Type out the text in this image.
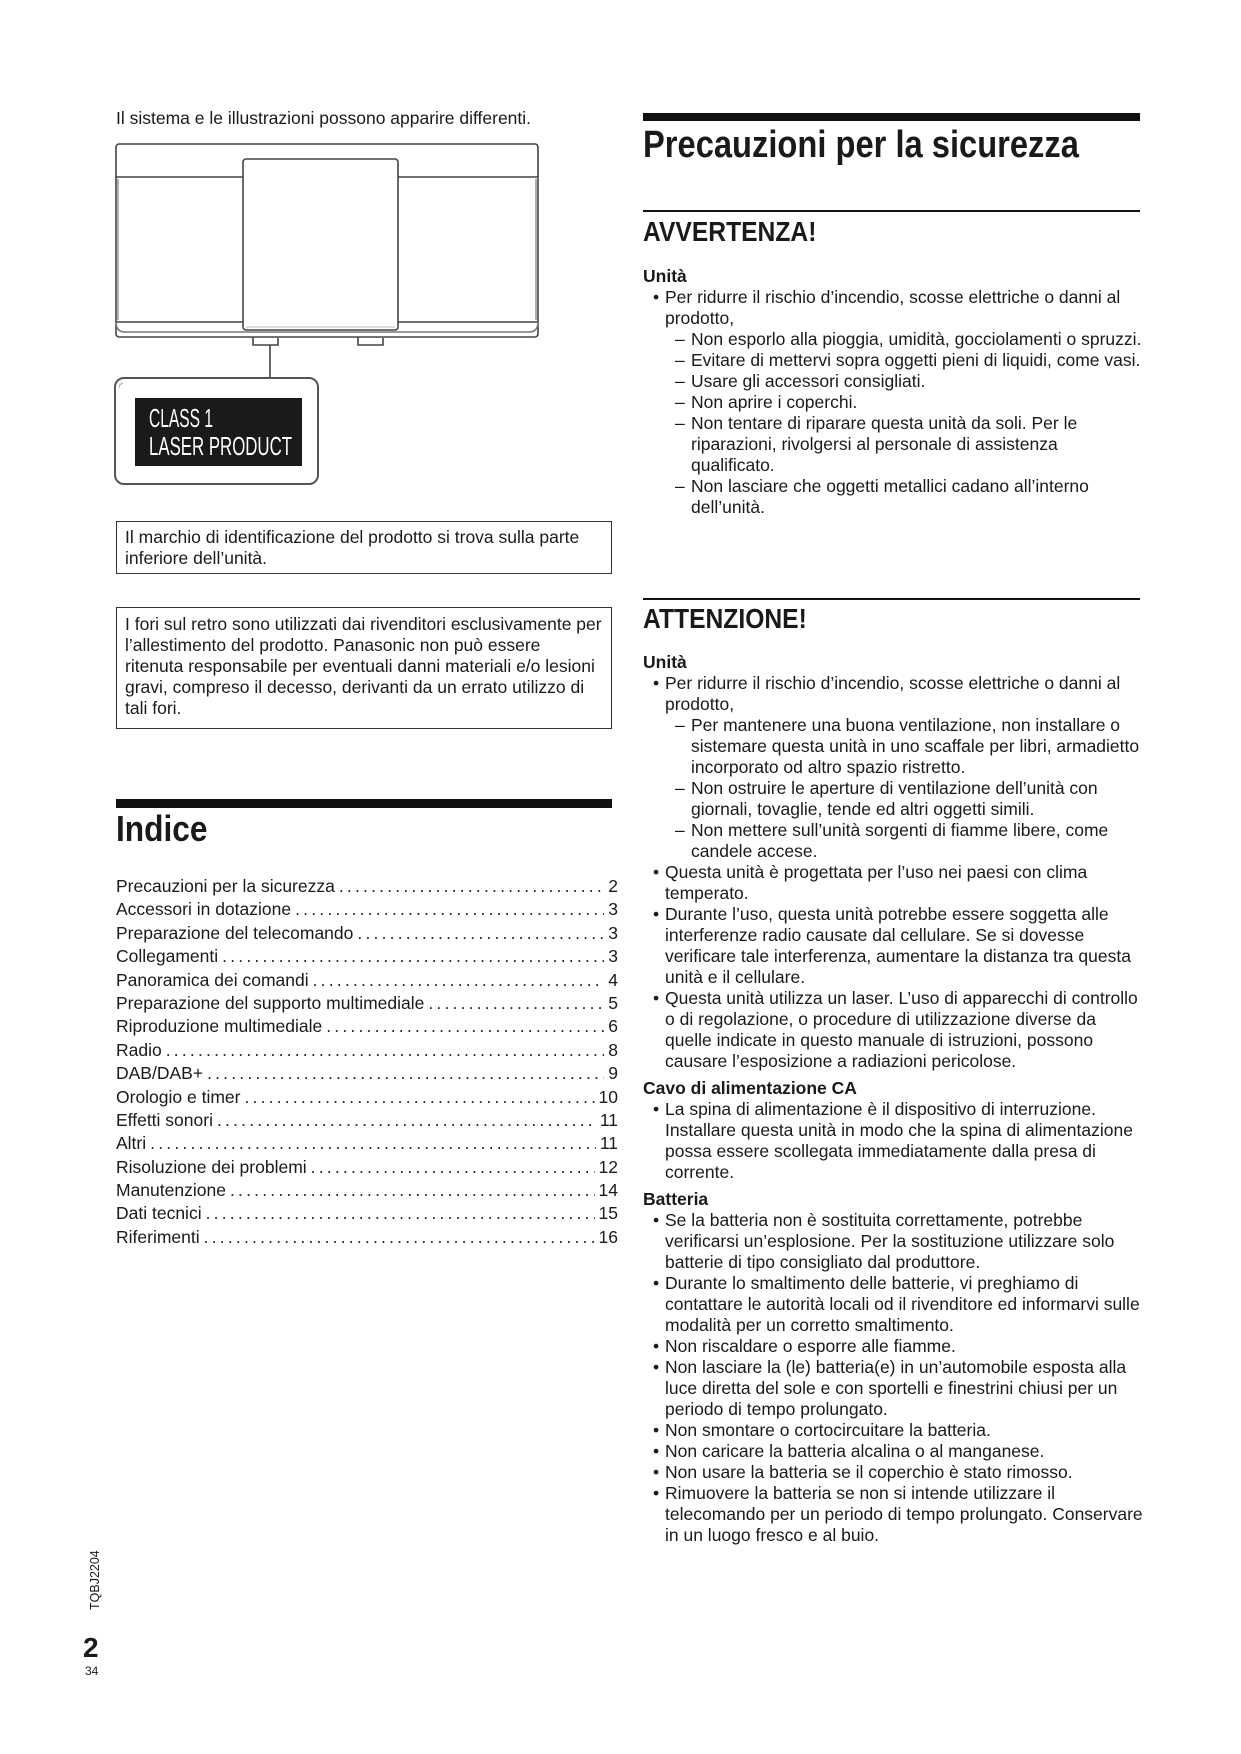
Il sistema e le illustrazioni possono apparire differenti.
CLASS 1
LASER PRODUCT
Il marchio di identificazione del prodotto si trova sulla parte inferiore dell’unità.
I fori sul retro sono utilizzati dai rivenditori esclusivamente per l’allestimento del prodotto. Panasonic non può essere ritenuta responsabile per eventuali danni materiali e/o lesioni gravi, compreso il decesso, derivanti da un errato utilizzo di tali fori.
Indice
Precauzioni per la sicurezza .....	2
Accessori in dotazione .....	3
Preparazione del telecomando .....	3
Collegamenti .....	3
Panoramica dei comandi .....	4
Preparazione del supporto multimediale .....	5
Riproduzione multimediale .....	6
Radio .....	8
DAB/DAB+ .....	9
Orologio e timer .....	10
Effetti sonori .....	11
Altri .....	11
Risoluzione dei problemi .....	12
Manutenzione .....	14
Dati tecnici .....	15
Riferimenti .....	16
Precauzioni per la sicurezza
AVVERTENZA!
Unità
• Per ridurre il rischio d’incendio, scosse elettriche o danni al prodotto,
– Non esporlo alla pioggia, umidità, gocciolamenti o spruzzi.
– Evitare di mettervi sopra oggetti pieni di liquidi, come vasi.
– Usare gli accessori consigliati.
– Non aprire i coperchi.
– Non tentare di riparare questa unità da soli. Per le riparazioni, rivolgersi al personale di assistenza qualificato.
– Non lasciare che oggetti metallici cadano all’interno dell’unità.
ATTENZIONE!
Unità
• Per ridurre il rischio d’incendio, scosse elettriche o danni al prodotto,
– Per mantenere una buona ventilazione, non installare o sistemare questa unità in uno scaffale per libri, armadietto incorporato od altro spazio ristretto.
– Non ostruire le aperture di ventilazione dell’unità con giornali, tovaglie, tende ed altri oggetti simili.
– Non mettere sull’unità sorgenti di fiamme libere, come candele accese.
• Questa unità è progettata per l’uso nei paesi con clima temperato.
• Durante l’uso, questa unità potrebbe essere soggetta alle interferenze radio causate dal cellulare. Se si dovesse verificare tale interferenza, aumentare la distanza tra questa unità e il cellulare.
• Questa unità utilizza un laser. L’uso di apparecchi di controllo o di regolazione, o procedure di utilizzazione diverse da quelle indicate in questo manuale di istruzioni, possono causare l’esposizione a radiazioni pericolose.
Cavo di alimentazione CA
• La spina di alimentazione è il dispositivo di interruzione. Installare questa unità in modo che la spina di alimentazione possa essere scollegata immediatamente dalla presa di corrente.
Batteria
• Se la batteria non è sostituita correttamente, potrebbe verificarsi un’esplosione. Per la sostituzione utilizzare solo batterie di tipo consigliato dal produttore.
• Durante lo smaltimento delle batterie, vi preghiamo di contattare le autorità locali od il rivenditore ed informarvi sulle modalità per un corretto smaltimento.
• Non riscaldare o esporre alle fiamme.
• Non lasciare la (le) batteria(e) in un’automobile esposta alla luce diretta del sole e con sportelli e finestrini chiusi per un periodo di tempo prolungato.
• Non smontare o cortocircuitare la batteria.
• Non caricare la batteria alcalina o al manganese.
• Non usare la batteria se il coperchio è stato rimosso.
• Rimuovere la batteria se non si intende utilizzare il telecomando per un periodo di tempo prolungato. Conservare in un luogo fresco e al buio.
TQBJ2204
2
34
